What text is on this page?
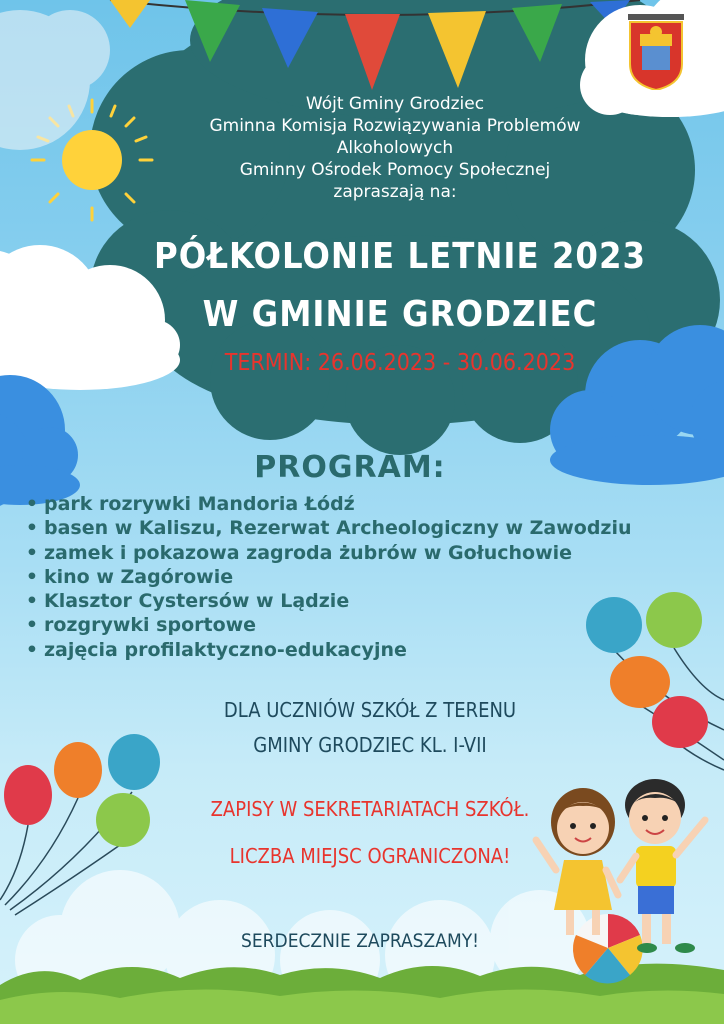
Wójt Gminy Grodziec
Gminna Komisja Rozwiązywania Problemów
Alkoholowych
Gminny Ośrodek Pomocy Społecznej
zapraszają na:
PÓŁKOLONIE LETNIE 2023
W GMINIE GRODZIEC
TERMIN: 26.06.2023 - 30.06.2023
PROGRAM:
• park rozrywki Mandoria Łódź
• basen w Kaliszu, Rezerwat Archeologiczny w Zawodziu
• zamek i pokazowa zagroda żubrów w Gołuchowie
• kino w Zagórowie
• Klasztor Cystersów w Lądzie
• rozgrywki sportowe
• zajęcia profilaktyczno-edukacyjne
DLA UCZNIÓW SZKÓŁ Z TERENU
GMINY GRODZIEC KL. I-VII
ZAPISY W SEKRETARIATACH SZKÓŁ.
LICZBA MIEJSC OGRANICZONA!
SERDECZNIE ZAPRASZAMY!
